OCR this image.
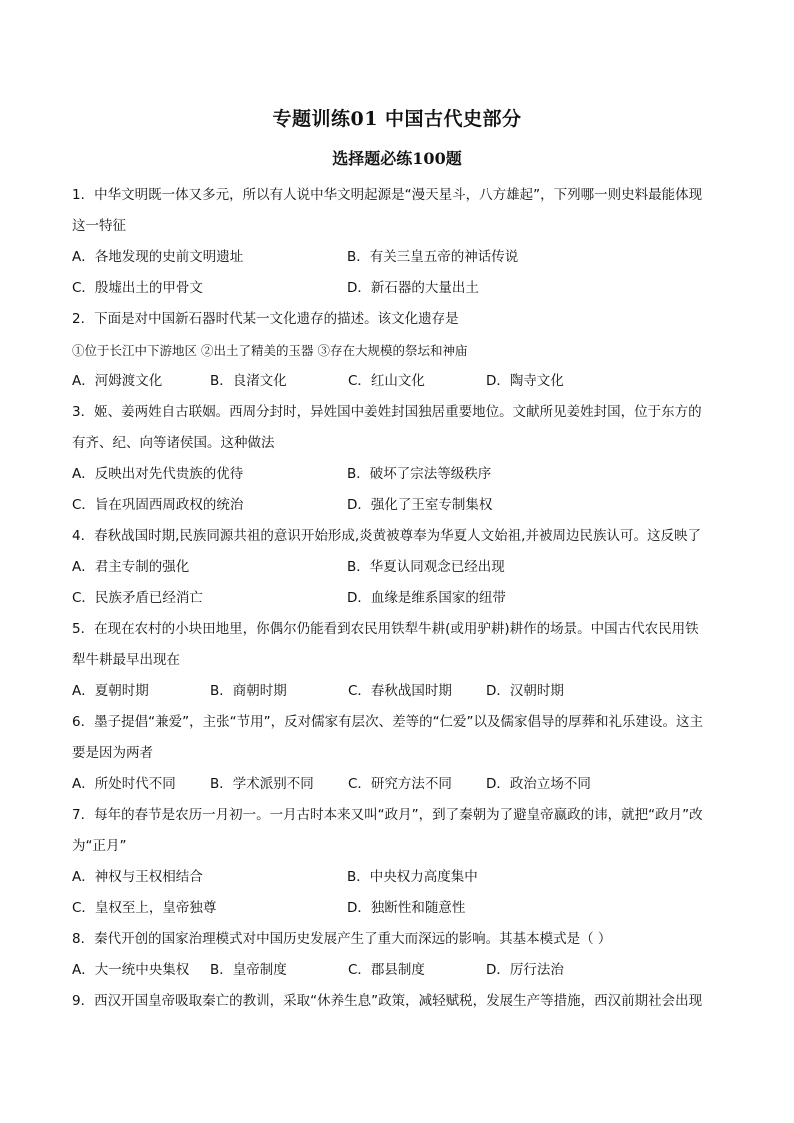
专题训练01 中国古代史部分
选择题必练100题
1．中华文明既一体又多元，所以有人说中华文明起源是“漫天星斗，八方雄起”，下列哪一则史料最能体现
这一特征
A．各地发现的史前文明遗址	B．有关三皇五帝的神话传说
C．殷墟出土的甲骨文	D．新石器的大量出土
2．下面是对中国新石器时代某一文化遗存的描述。该文化遗存是
①位于长江中下游地区 ②出土了精美的玉器 ③存在大规模的祭坛和神庙
A．河姆渡文化	B．良渚文化	C．红山文化	D．陶寺文化
3．姬、姜两姓自古联姻。西周分封时，异姓国中姜姓封国独居重要地位。文献所见姜姓封国，位于东方的
有齐、纪、向等诸侯国。这种做法
A．反映出对先代贵族的优待	B．破坏了宗法等级秩序
C．旨在巩固西周政权的统治	D．强化了王室专制集权
4．春秋战国时期,民族同源共祖的意识开始形成,炎黄被尊奉为华夏人文始祖,并被周边民族认可。这反映了
A．君主专制的强化	B．华夏认同观念已经出现
C．民族矛盾已经消亡	D．血缘是维系国家的纽带
5．在现在农村的小块田地里，你偶尔仍能看到农民用铁犁牛耕(或用驴耕)耕作的场景。中国古代农民用铁
犁牛耕最早出现在
A．夏朝时期	B．商朝时期	C．春秋战国时期	D．汉朝时期
6．墨子提倡“兼爱”，主张“节用”，反对儒家有层次、差等的“仁爱”以及儒家倡导的厚葬和礼乐建设。这主
要是因为两者
A．所处时代不同	B．学术派别不同	C．研究方法不同	D．政治立场不同
7．每年的春节是农历一月初一。一月古时本来又叫“政月”，到了秦朝为了避皇帝嬴政的讳，就把“政月”改
为“正月”
A．神权与王权相结合	B．中央权力高度集中
C．皇权至上，皇帝独尊	D．独断性和随意性
8．秦代开创的国家治理模式对中国历史发展产生了重大而深远的影响。其基本模式是（ ）
A．大一统中央集权 B．皇帝制度	C．郡县制度	D．厉行法治
9．西汉开国皇帝吸取秦亡的教训，采取“休养生息”政策，减轻赋税，发展生产等措施，西汉前期社会出现
